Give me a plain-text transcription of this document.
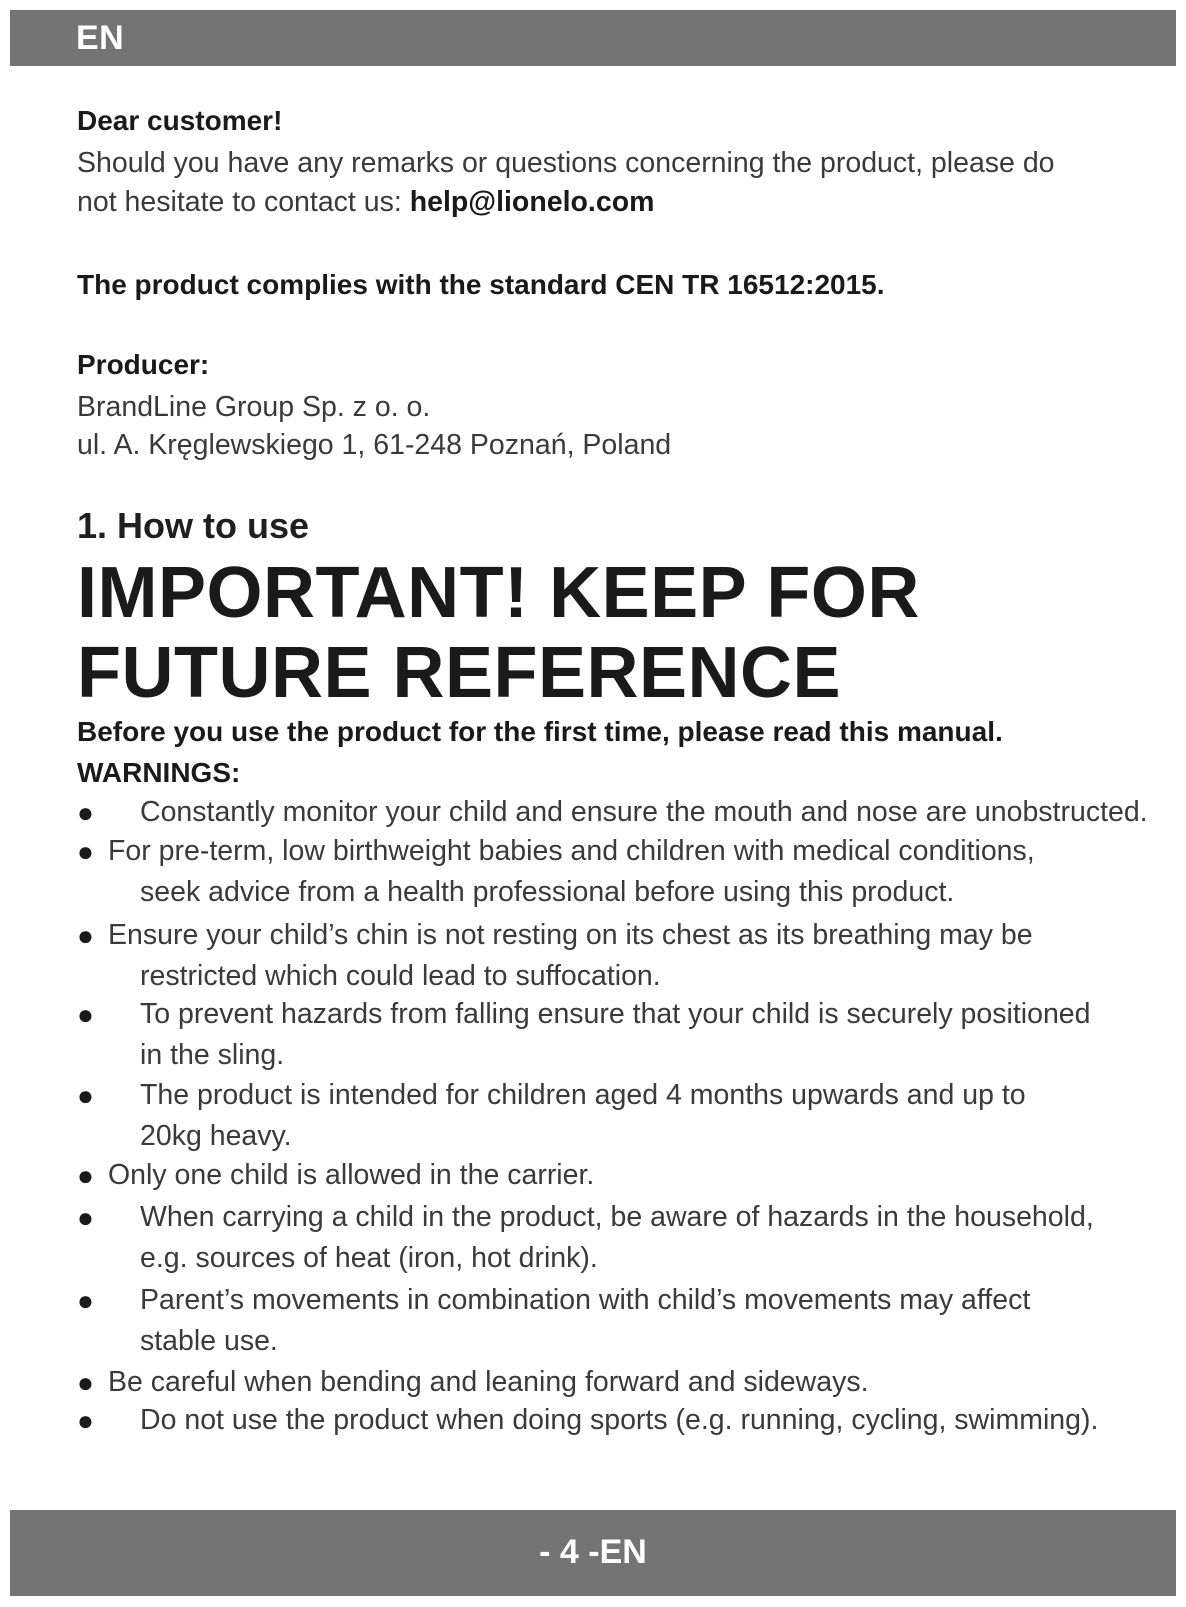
EN

Dear customer!

Should you have any remarks or questions concerning the product, please do

not hesitate to contact us: help@lionelo.com

The product complies with the standard CEN TR 16512:2015.

Producer:

BrandLine Group Sp. z o. o.

ul. A. Kręglewskiego 1, 61-248 Poznań, Poland

1. How to use

IMPORTANT! KEEP FOR

FUTURE REFERENCE

Before you use the product for the first time, please read this manual.

WARNINGS:

●	Constantly monitor your child and ensure the mouth and nose are unobstructed.
● For pre-term, low birthweight babies and children with medical conditions,
seek advice from a health professional before using this product.
● Ensure your child’s chin is not resting on its chest as its breathing may be
restricted which could lead to suffocation.
●	To prevent hazards from falling ensure that your child is securely positioned
in the sling.
●	The product is intended for children aged 4 months upwards and up to
20kg heavy.
● Only one child is allowed in the carrier.
●	When carrying a child in the product, be aware of hazards in the household,
e.g. sources of heat (iron, hot drink).
●	Parent’s movements in combination with child’s movements may affect
stable use.
● Be careful when bending and leaning forward and sideways.
●	Do not use the product when doing sports (e.g. running, cycling, swimming).
- 4 -EN
